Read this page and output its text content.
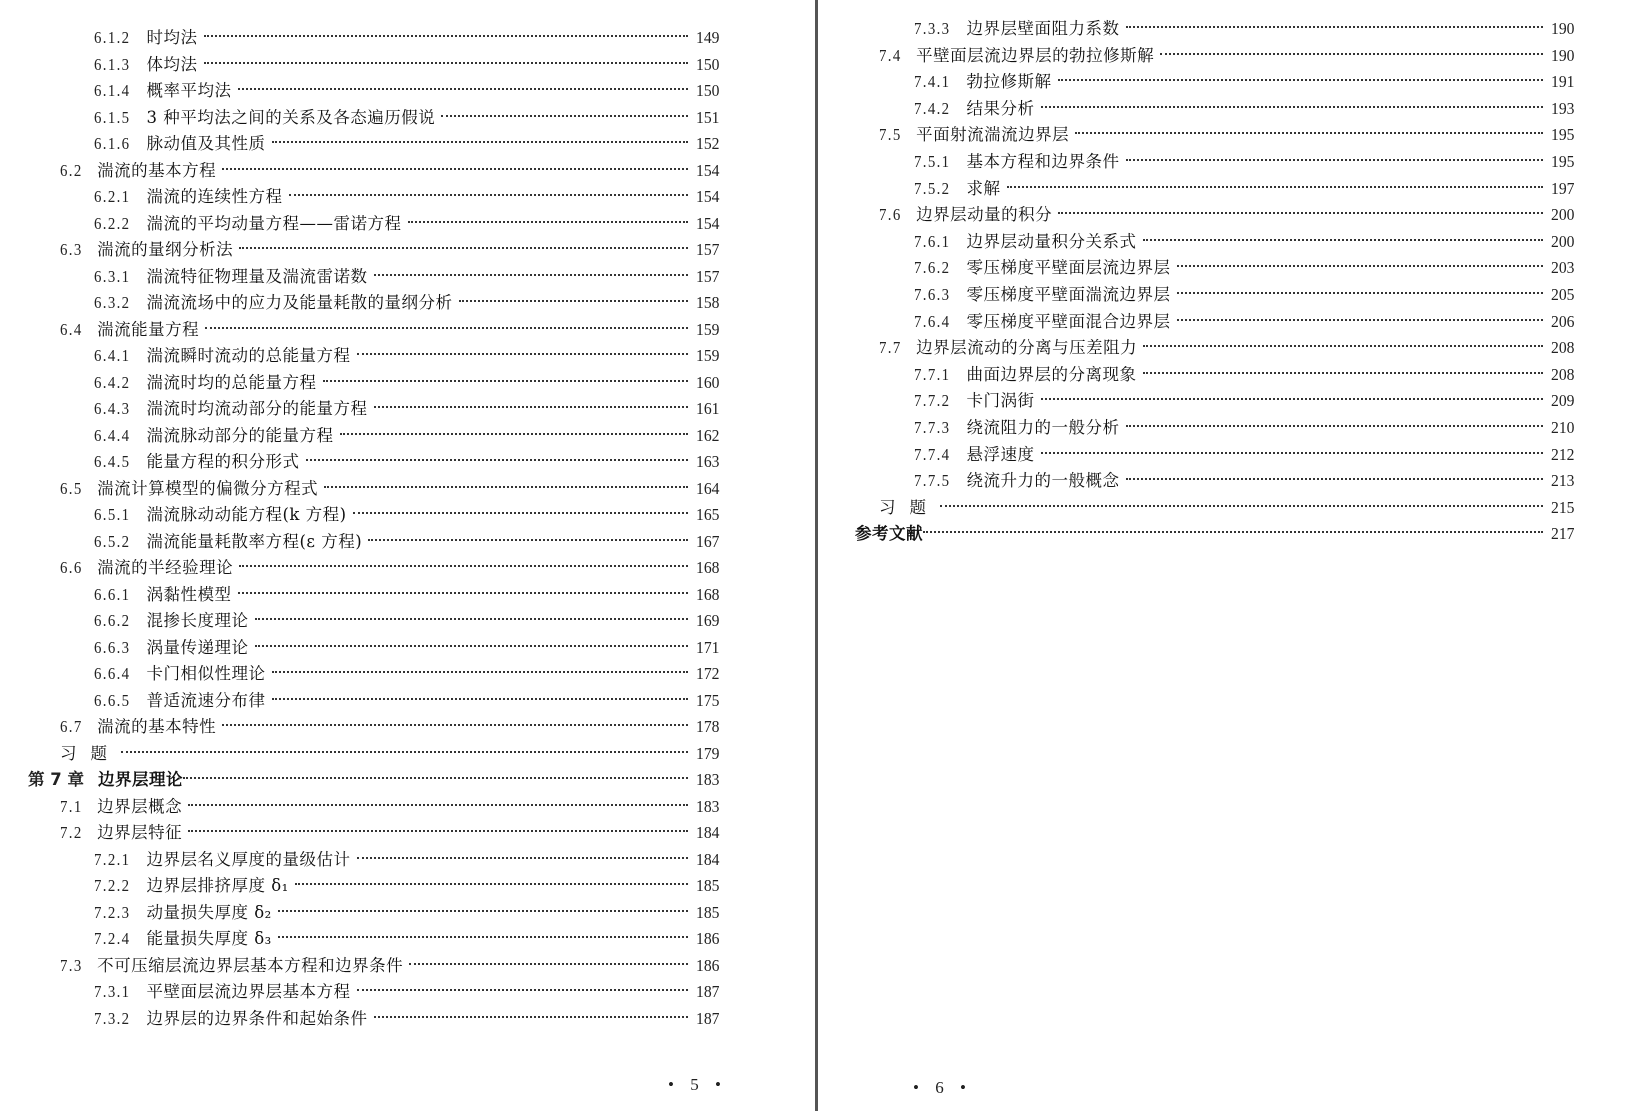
6.1.2 时均法	149
6.1.3 体均法	150
6.1.4 概率平均法	150
6.1.5 3 种平均法之间的关系及各态遍历假说	151
6.1.6 脉动值及其性质	152
6.2 湍流的基本方程	154
6.2.1 湍流的连续性方程	154
6.2.2 湍流的平均动量方程——雷诺方程	154
6.3 湍流的量纲分析法	157
6.3.1 湍流特征物理量及湍流雷诺数	157
6.3.2 湍流流场中的应力及能量耗散的量纲分析	158
6.4 湍流能量方程	159
6.4.1 湍流瞬时流动的总能量方程	159
6.4.2 湍流时均的总能量方程	160
6.4.3 湍流时均流动部分的能量方程	161
6.4.4 湍流脉动部分的能量方程	162
6.4.5 能量方程的积分形式	163
6.5 湍流计算模型的偏微分方程式	164
6.5.1 湍流脉动动能方程(k 方程)	165
6.5.2 湍流能量耗散率方程(ε 方程)	167
6.6 湍流的半经验理论	168
6.6.1 涡黏性模型	168
6.6.2 混掺长度理论	169
6.6.3 涡量传递理论	171
6.6.4 卡门相似性理论	172
6.6.5 普适流速分布律	175
6.7 湍流的基本特性	178
习题	179
第 7 章 边界层理论	183
7.1 边界层概念	183
7.2 边界层特征	184
7.2.1 边界层名义厚度的量级估计	184
7.2.2 边界层排挤厚度 δ₁	185
7.2.3 动量损失厚度 δ₂	185
7.2.4 能量损失厚度 δ₃	186
7.3 不可压缩层流边界层基本方程和边界条件	186
7.3.1 平壁面层流边界层基本方程	187
7.3.2 边界层的边界条件和起始条件	187
• 5 •
7.3.3 边界层壁面阻力系数	190
7.4 平壁面层流边界层的勃拉修斯解	190
7.4.1 勃拉修斯解	191
7.4.2 结果分析	193
7.5 平面射流湍流边界层	195
7.5.1 基本方程和边界条件	195
7.5.2 求解	197
7.6 边界层动量的积分	200
7.6.1 边界层动量积分关系式	200
7.6.2 零压梯度平壁面层流边界层	203
7.6.3 零压梯度平壁面湍流边界层	205
7.6.4 零压梯度平壁面混合边界层	206
7.7 边界层流动的分离与压差阻力	208
7.7.1 曲面边界层的分离现象	208
7.7.2 卡门涡街	209
7.7.3 绕流阻力的一般分析	210
7.7.4 悬浮速度	212
7.7.5 绕流升力的一般概念	213
习题	215
参考文献	217
• 6 •
